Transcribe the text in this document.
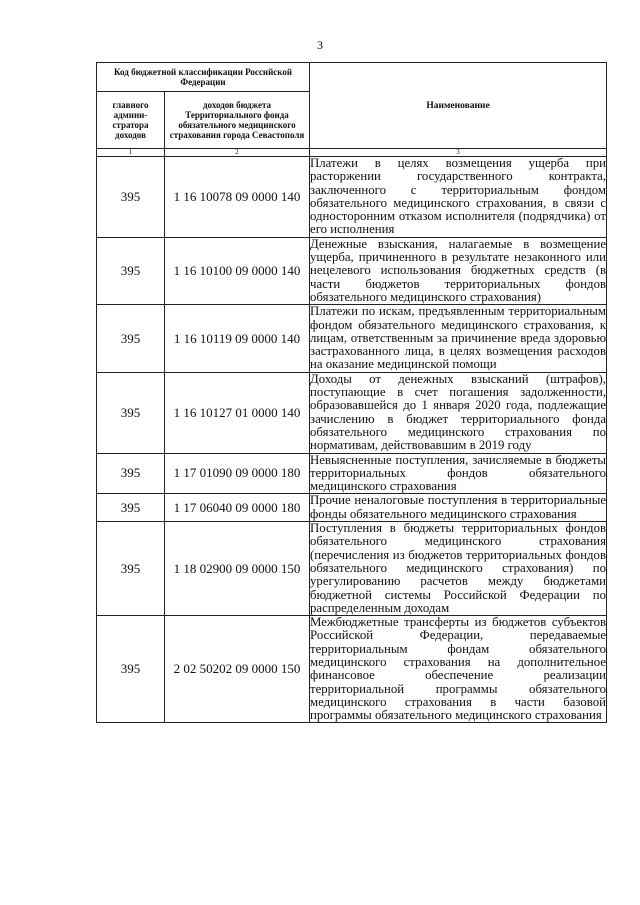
3
Код бюджетной классификации Российской Федерации		Наименование
главного админи-стратора доходов	доходов бюджета Территориального фонда обязательного медицинского страхования города Севастополя	
1	2	3
395	1 16 10078 09 0000 140	Платежи в целях возмещения ущерба при расторжении государственного контракта, заключенного с территориальным фондом обязательного медицинского страхования, в связи с односторонним отказом исполнителя (подрядчика) от его исполнения
395	1 16 10100 09 0000 140	Денежные взыскания, налагаемые в возмещение ущерба, причиненного в результате незаконного или нецелевого использования бюджетных средств (в части бюджетов территориальных фондов обязательного медицинского страхования)
395	1 16 10119 09 0000 140	Платежи по искам, предъявленным территориальным фондом обязательного медицинского страхования, к лицам, ответственным за причинение вреда здоровью застрахованного лица, в целях возмещения расходов на оказание медицинской помощи
395	1 16 10127 01 0000 140	Доходы от денежных взысканий (штрафов), поступающие в счет погашения задолженности, образовавшейся до 1 января 2020 года, подлежащие зачислению в бюджет территориального фонда обязательного медицинского страхования по нормативам, действовавшим в 2019 году
395	1 17 01090 09 0000 180	Невыясненные поступления, зачисляемые в бюджеты территориальных фондов обязательного медицинского страхования
395	1 17 06040 09 0000 180	Прочие неналоговые поступления в территориальные фонды обязательного медицинского страхования
395	1 18 02900 09 0000 150	Поступления в бюджеты территориальных фондов обязательного медицинского страхования (перечисления из бюджетов территориальных фондов обязательного медицинского страхования) по урегулированию расчетов между бюджетами бюджетной системы Российской Федерации по распределенным доходам
395	2 02 50202 09 0000 150	Межбюджетные трансферты из бюджетов субъектов Российской Федерации, передаваемые территориальным фондам обязательного медицинского страхования на дополнительное финансовое обеспечение реализации территориальной программы обязательного медицинского страхования в части базовой программы обязательного медицинского страхования
